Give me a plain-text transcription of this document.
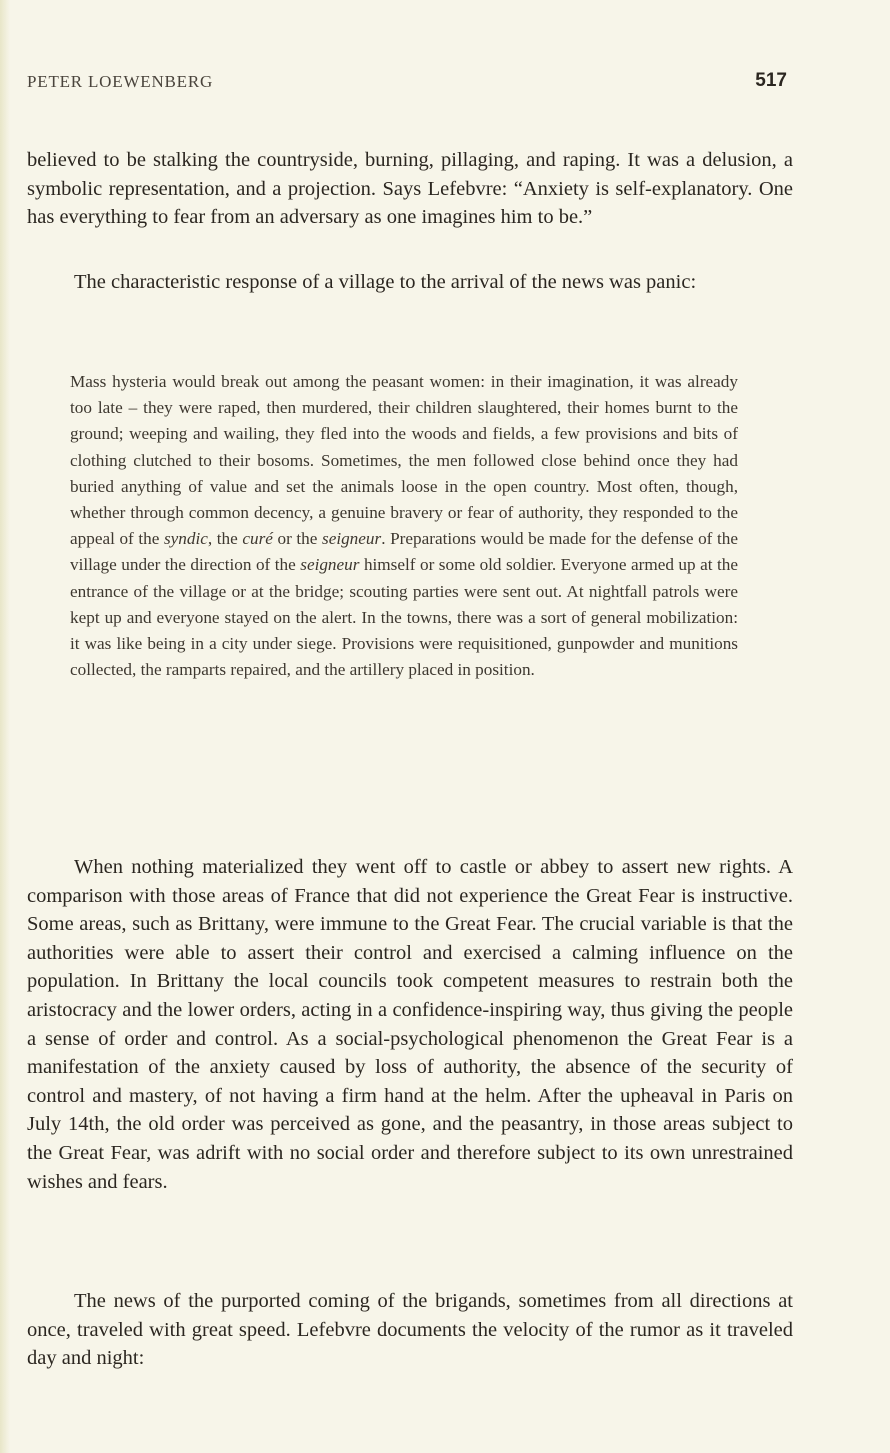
PETER LOEWENBERG	517

believed to be stalking the countryside, burning, pillaging, and raping. It was a delusion, a symbolic representation, and a projection. Says Lefebvre: “Anxiety is self-explanatory. One has everything to fear from an adversary as one imagines him to be.”

The characteristic response of a village to the arrival of the news was panic:

Mass hysteria would break out among the peasant women: in their imagination, it was already too late – they were raped, then murdered, their children slaughtered, their homes burnt to the ground; weeping and wailing, they fled into the woods and fields, a few provisions and bits of clothing clutched to their bosoms. Sometimes, the men followed close behind once they had buried anything of value and set the animals loose in the open country. Most often, though, whether through common decency, a genuine bravery or fear of authority, they responded to the appeal of the syndic, the curé or the seigneur. Preparations would be made for the defense of the village under the direction of the seigneur himself or some old soldier. Everyone armed up at the entrance of the village or at the bridge; scouting parties were sent out. At nightfall patrols were kept up and everyone stayed on the alert. In the towns, there was a sort of general mobilization: it was like being in a city under siege. Provisions were requisitioned, gunpowder and munitions collected, the ramparts repaired, and the artillery placed in position.

When nothing materialized they went off to castle or abbey to assert new rights. A comparison with those areas of France that did not experience the Great Fear is instructive. Some areas, such as Brittany, were immune to the Great Fear. The crucial variable is that the authorities were able to assert their control and exercised a calming influence on the population. In Brittany the local councils took competent measures to restrain both the aristocracy and the lower orders, acting in a confidence-inspiring way, thus giving the people a sense of order and control. As a social-psychological phenomenon the Great Fear is a manifestation of the anxiety caused by loss of authority, the absence of the security of control and mastery, of not having a firm hand at the helm. After the upheaval in Paris on July 14th, the old order was perceived as gone, and the peasantry, in those areas subject to the Great Fear, was adrift with no social order and therefore subject to its own unrestrained wishes and fears.

The news of the purported coming of the brigands, sometimes from all directions at once, traveled with great speed. Lefebvre documents the velocity of the rumor as it traveled day and night:
